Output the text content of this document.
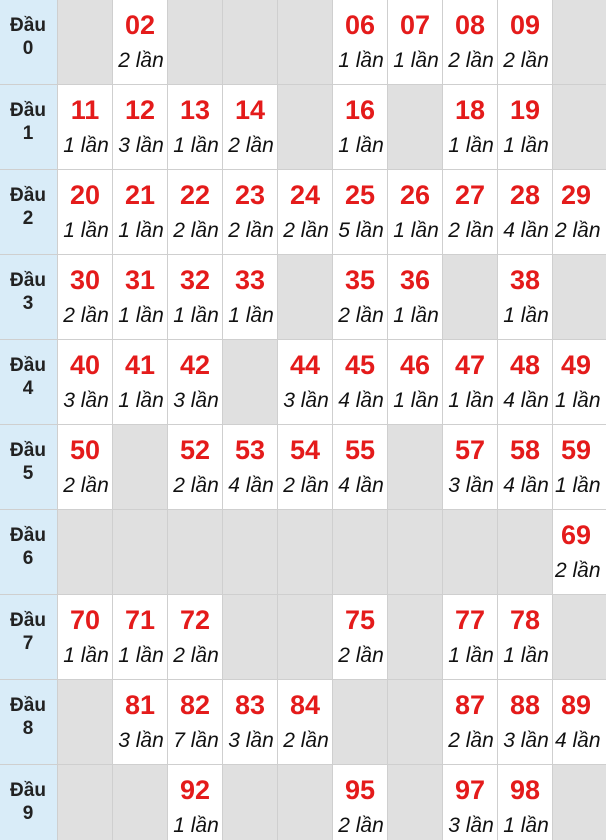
Đầu
0
02
2 lần
06
1 lần
07
1 lần
08
2 lần
09
2 lần
Đầu
1
11
1 lần
12
3 lần
13
1 lần
14
2 lần
16
1 lần
18
1 lần
19
1 lần
Đầu
2
20
1 lần
21
1 lần
22
2 lần
23
2 lần
24
2 lần
25
5 lần
26
1 lần
27
2 lần
28
4 lần
29
2 lần
Đầu
3
30
2 lần
31
1 lần
32
1 lần
33
1 lần
35
2 lần
36
1 lần
38
1 lần
Đầu
4
40
3 lần
41
1 lần
42
3 lần
44
3 lần
45
4 lần
46
1 lần
47
1 lần
48
4 lần
49
1 lần
Đầu
5
50
2 lần
52
2 lần
53
4 lần
54
2 lần
55
4 lần
57
3 lần
58
4 lần
59
1 lần
Đầu
6
69
2 lần
Đầu
7
70
1 lần
71
1 lần
72
2 lần
75
2 lần
77
1 lần
78
1 lần
Đầu
8
81
3 lần
82
7 lần
83
3 lần
84
2 lần
87
2 lần
88
3 lần
89
4 lần
Đầu
9
92
1 lần
95
2 lần
97
3 lần
98
1 lần
